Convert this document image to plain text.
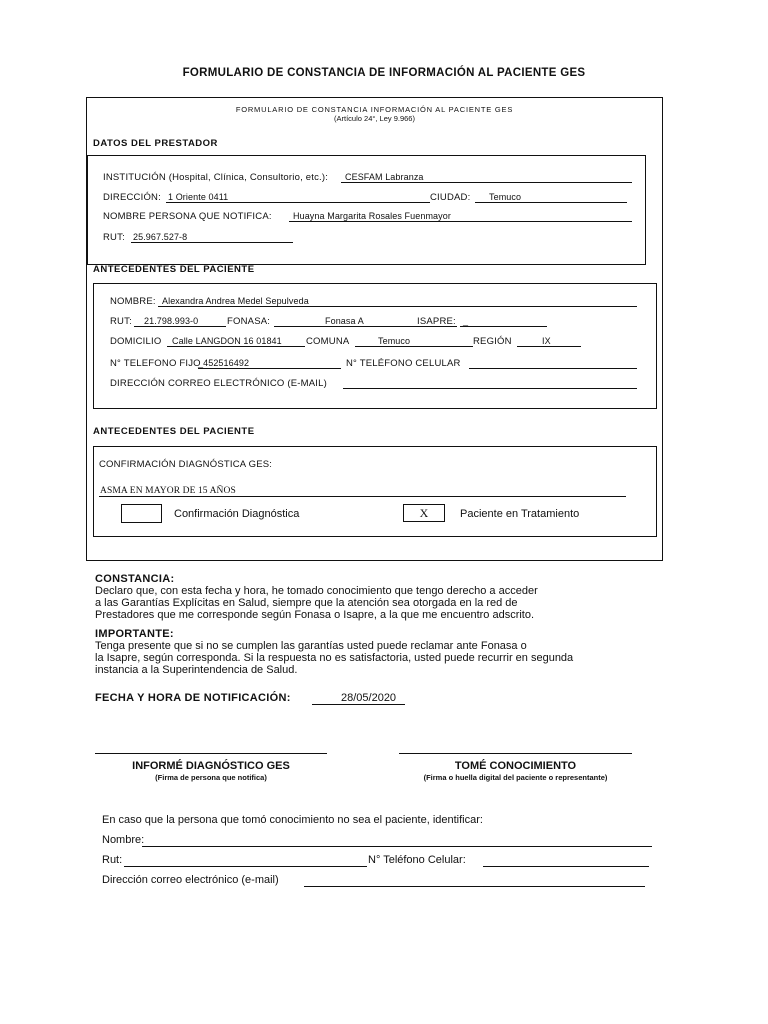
FORMULARIO DE CONSTANCIA DE INFORMACIÓN AL PACIENTE GES
FORMULARIO DE CONSTANCIA INFORMACIÓN AL PACIENTE GES
(Artículo 24°, Ley 9.966)
DATOS DEL PRESTADOR
INSTITUCIÓN (Hospital, Clínica, Consultorio, etc.): CESFAM Labranza
DIRECCIÓN: 1 Oriente 0411	CIUDAD: Temuco
NOMBRE PERSONA QUE NOTIFICA: Huayna Margarita Rosales Fuenmayor
RUT: 25.967.527-8
ANTECEDENTES DEL PACIENTE
NOMBRE: Alexandra Andrea Medel Sepulveda
RUT: 21.798.993-0	FONASA:	Fonasa A	ISAPRE: _
DOMICILIO Calle LANGDON 16 01841	COMUNA	Temuco	REGIÓN	IX
N° TELEFONO FIJO
_452516492	N° TELÉFONO CELULAR
DIRECCIÓN CORREO ELECTRÓNICO (E-MAIL)
ANTECEDENTES DEL PACIENTE
CONFIRMACIÓN DIAGNÓSTICA GES:
ASMA EN MAYOR DE 15 AÑOS
Confirmación Diagnóstica	X	Paciente en Tratamiento
CONSTANCIA:
Declaro que, con esta fecha y hora, he tomado conocimiento que tengo derecho a acceder
a las Garantías Explícitas en Salud, siempre que la atención sea otorgada en la red de
Prestadores que me corresponde según Fonasa o Isapre, a la que me encuentro adscrito.
IMPORTANTE:
Tenga presente que si no se cumplen las garantías usted puede reclamar ante Fonasa o
la Isapre, según corresponda. Si la respuesta no es satisfactoria, usted puede recurrir en segunda
instancia a la Superintendencia de Salud.
FECHA Y HORA DE NOTIFICACIÓN:	28/05/2020
INFORMÉ DIAGNÓSTICO GES
(Firma de persona que notifica)
TOMÉ CONOCIMIENTO
(Firma o huella digital del paciente o representante)
En caso que la persona que tomó conocimiento no sea el paciente, identificar:
Nombre:
Rut:	N° Teléfono Celular:
Dirección correo electrónico (e-mail)
